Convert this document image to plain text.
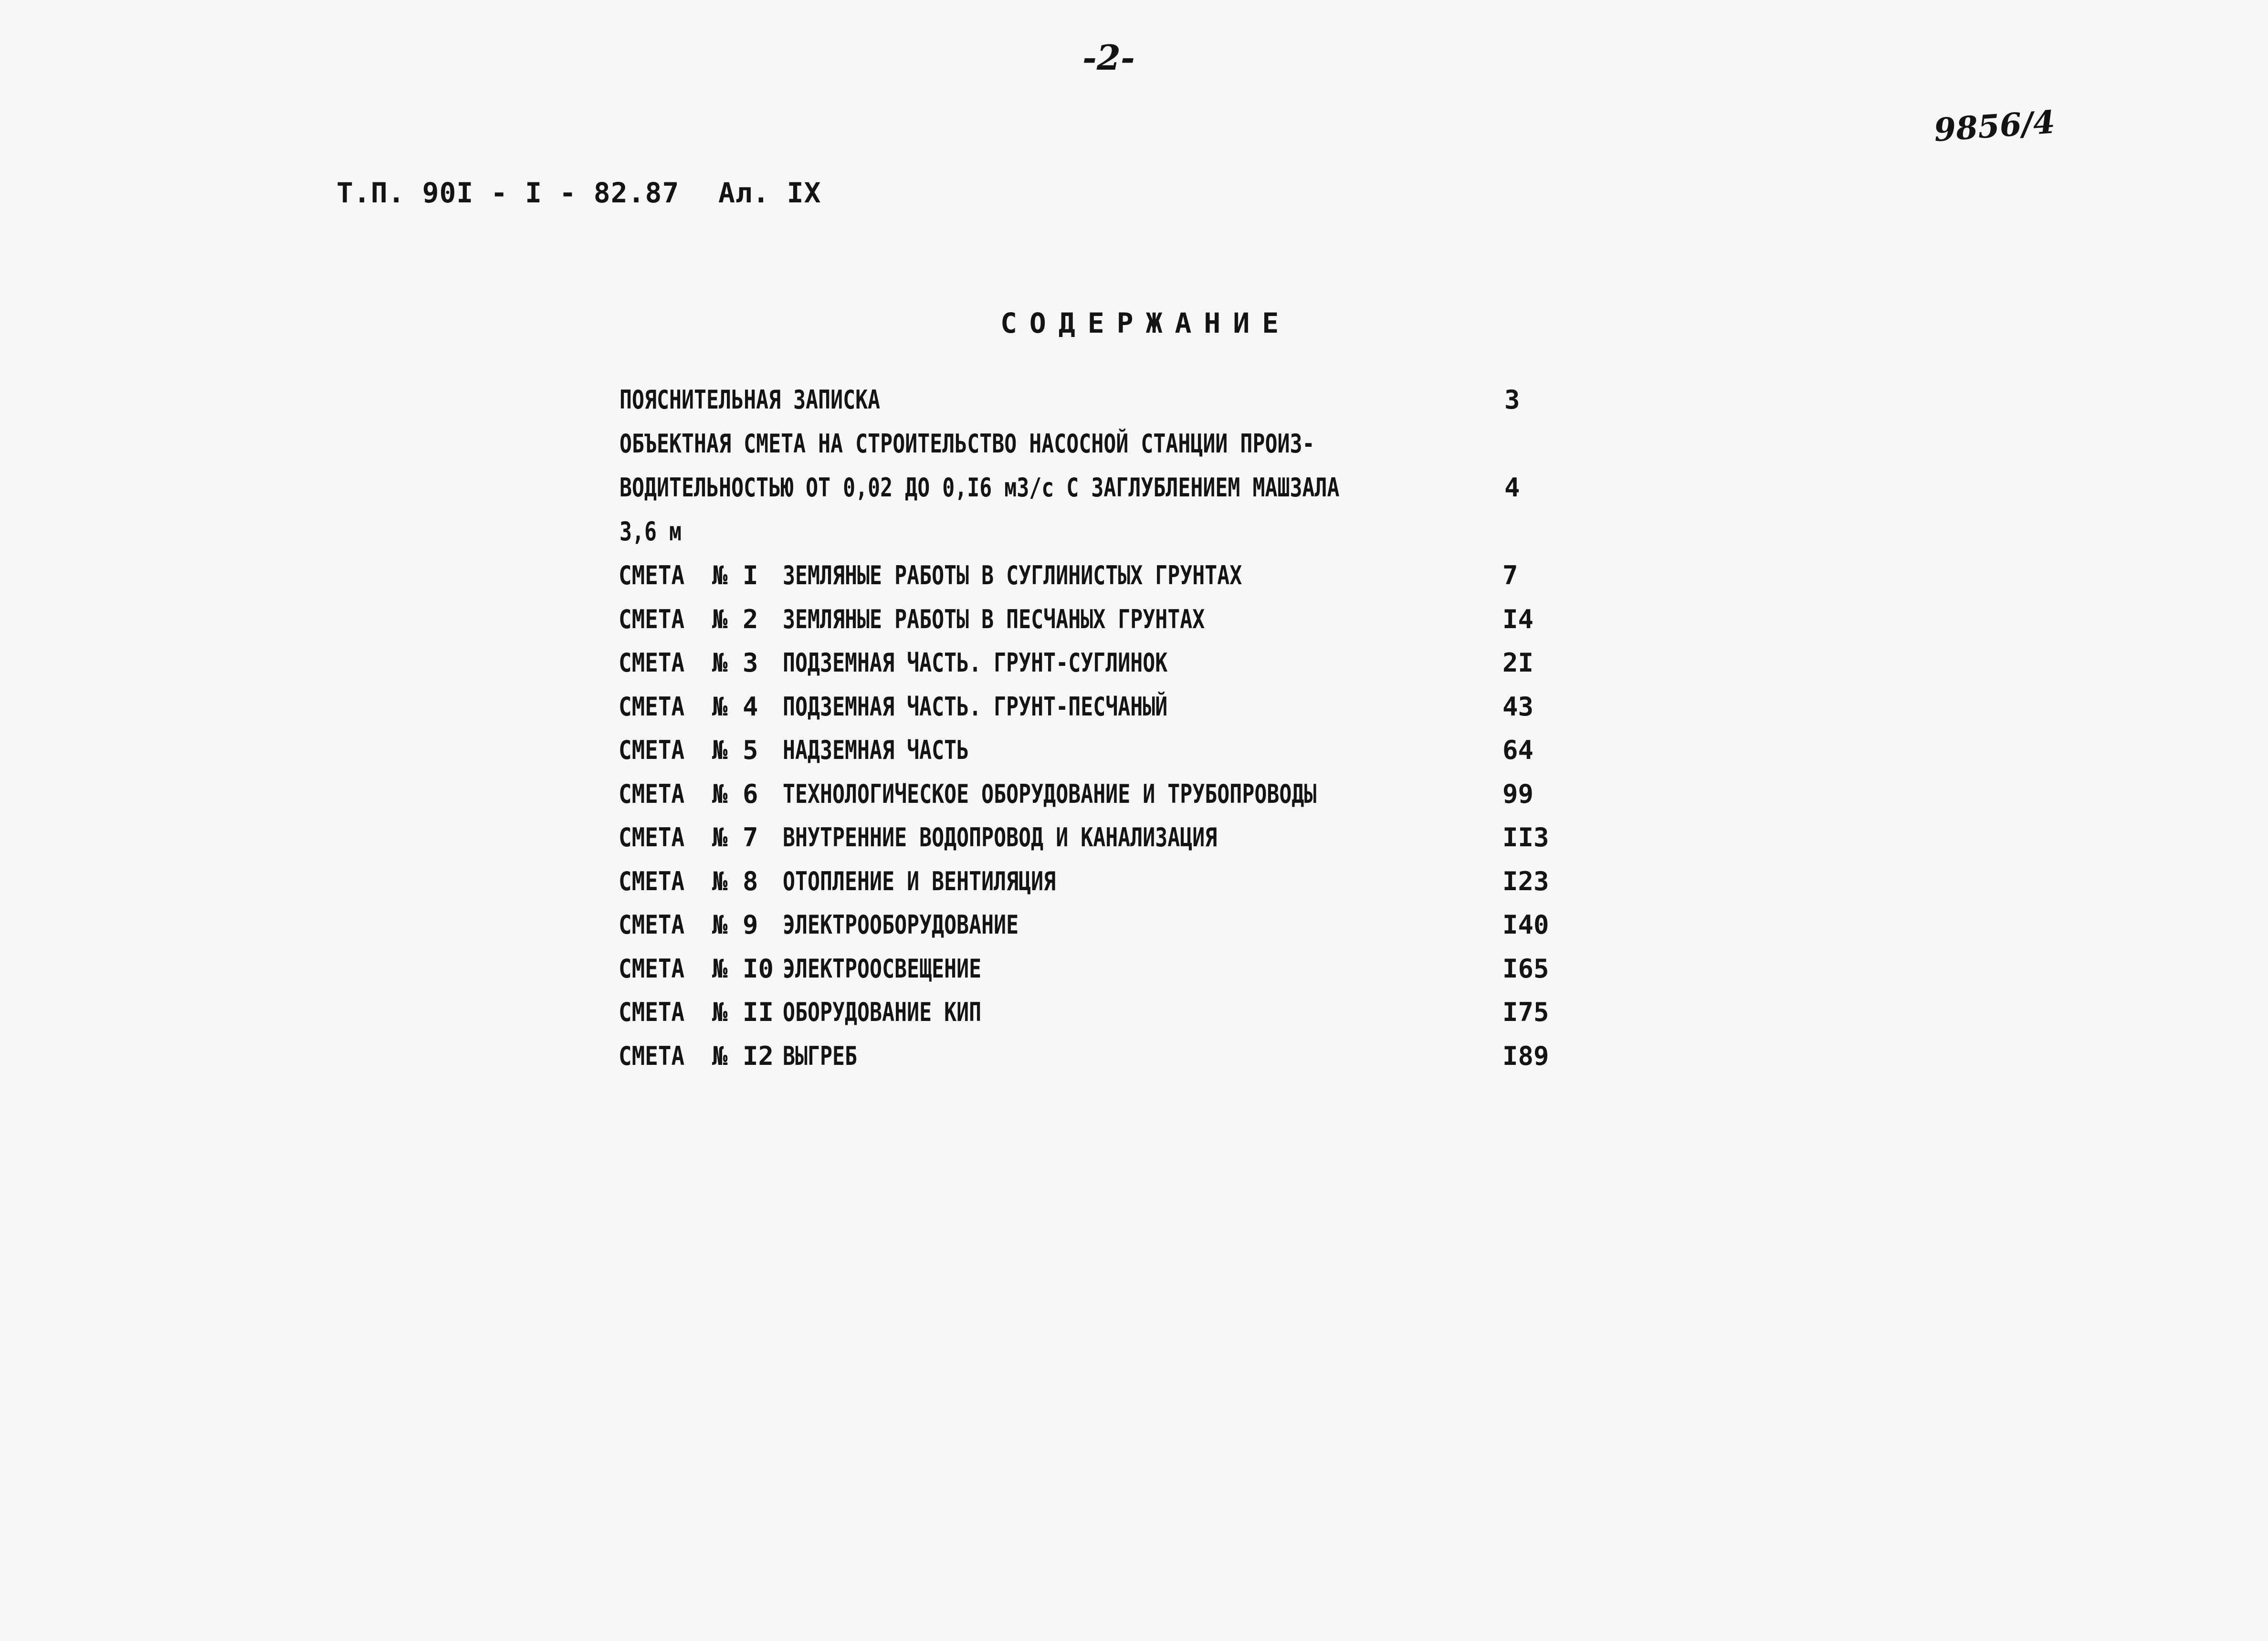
-2-
9856/4
Т.П. 90I - I - 82.87 Ал. IX
СОДЕРЖАНИЕ
ПОЯСНИТЕЛЬНАЯ ЗАПИСКА	3
ОБЪЕКТНАЯ СМЕТА НА СТРОИТЕЛЬСТВО НАСОСНОЙ СТАНЦИИ ПРОИЗ-
ВОДИТЕЛЬНОСТЬЮ ОТ 0,02 ДО 0,I6 м3/с С ЗАГЛУБЛЕНИЕМ МАШЗАЛА	4
3,6 м
СМЕТА № I ЗЕМЛЯНЫЕ РАБОТЫ В СУГЛИНИСТЫХ ГРУНТАХ	7
СМЕТА № 2 ЗЕМЛЯНЫЕ РАБОТЫ В ПЕСЧАНЫХ ГРУНТАХ	I4
СМЕТА № 3 ПОДЗЕМНАЯ ЧАСТЬ. ГРУНТ-СУГЛИНОК	2I
СМЕТА № 4 ПОДЗЕМНАЯ ЧАСТЬ. ГРУНТ-ПЕСЧАНЫЙ	43
СМЕТА № 5 НАДЗЕМНАЯ ЧАСТЬ	64
СМЕТА № 6 ТЕХНОЛОГИЧЕСКОЕ ОБОРУДОВАНИЕ И ТРУБОПРОВОДЫ	99
СМЕТА № 7 ВНУТРЕННИЕ ВОДОПРОВОД И КАНАЛИЗАЦИЯ	II3
СМЕТА № 8 ОТОПЛЕНИЕ И ВЕНТИЛЯЦИЯ	I23
СМЕТА № 9 ЭЛЕКТРООБОРУДОВАНИЕ	I40
СМЕТА № I0 ЭЛЕКТРООСВЕЩЕНИЕ	I65
СМЕТА № II ОБОРУДОВАНИЕ КИП	I75
СМЕТА № I2 ВЫГРЕБ	I89
